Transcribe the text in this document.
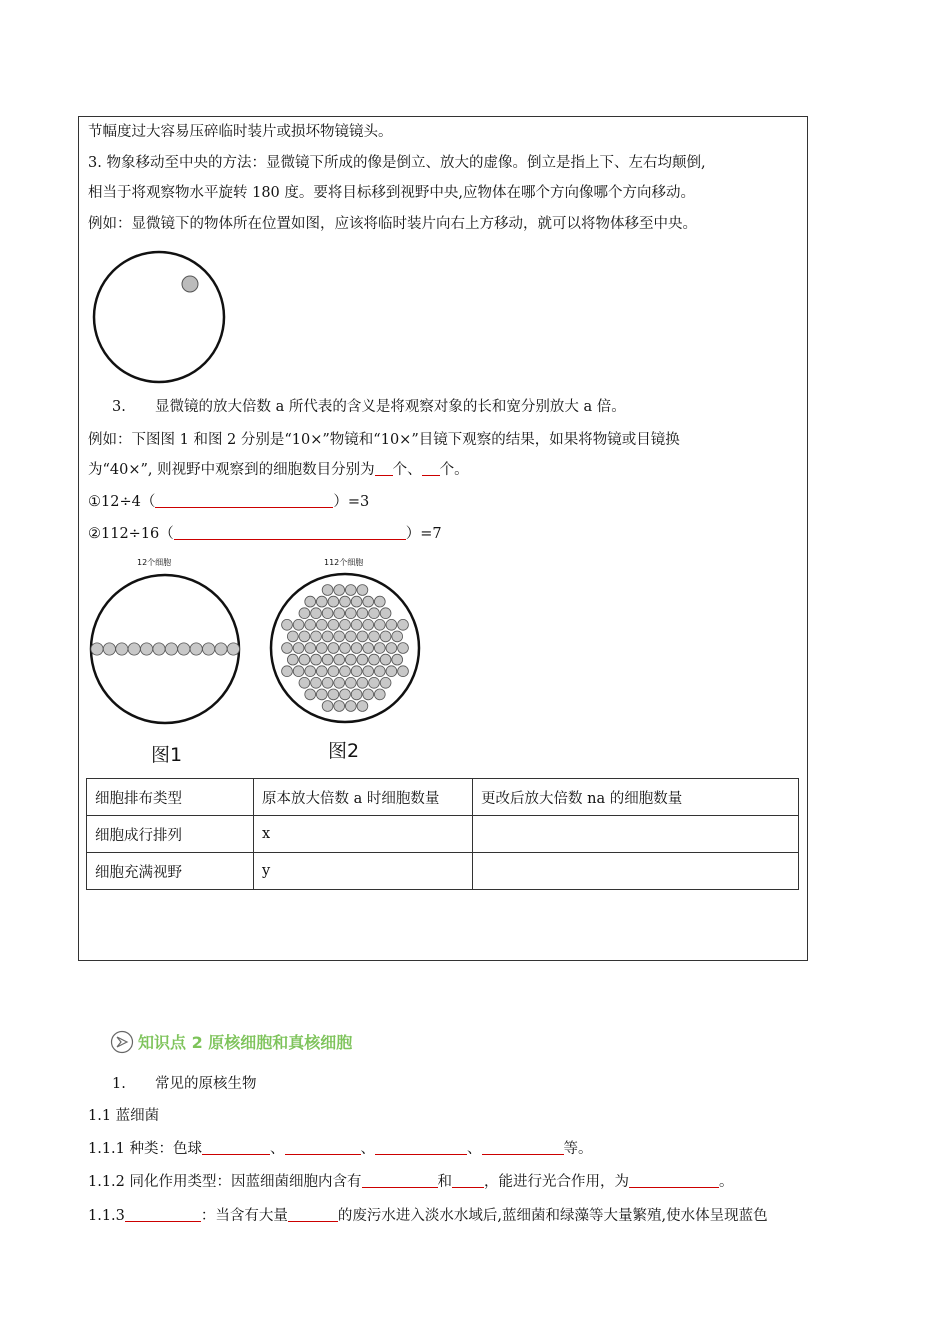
节幅度过大容易压碎临时装片或损坏物镜镜头。
3. 物象移动至中央的方法：显微镜下所成的像是倒立、放大的虚像。倒立是指上下、左右均颠倒,
相当于将观察物水平旋转 180 度。要将目标移到视野中央,应物体在哪个方向像哪个方向移动。
例如：显微镜下的物体所在位置如图，应该将临时装片向右上方移动，就可以将物体移至中央。
3. 显微镜的放大倍数 a 所代表的含义是将观察对象的长和宽分别放大 a 倍。
例如：下图图 1 和图 2 分别是“10×”物镜和“10×”目镜下观察的结果，如果将物镜或目镜换
为“40×”, 则视野中观察到的细胞数目分别为 个、 个。
①12÷4（	）=3
②112÷16（	）=7
12个细胞	112个细胞
图1	图2
细胞排布类型	原本放大倍数 a 时细胞数量	更改后放大倍数 na 的细胞数量
细胞成行排列	x	
细胞充满视野	y	
知识点 2 原核细胞和真核细胞
1. 常见的原核生物
1.1 蓝细菌
1.1.1 种类：色球	、	、	、	等。
1.1.2 同化作用类型：因蓝细菌细胞内含有	和 ，能进行光合作用，为	。
1.1.3	：当含有大量	的废污水进入淡水水域后,蓝细菌和绿藻等大量繁殖,使水体呈现蓝色
